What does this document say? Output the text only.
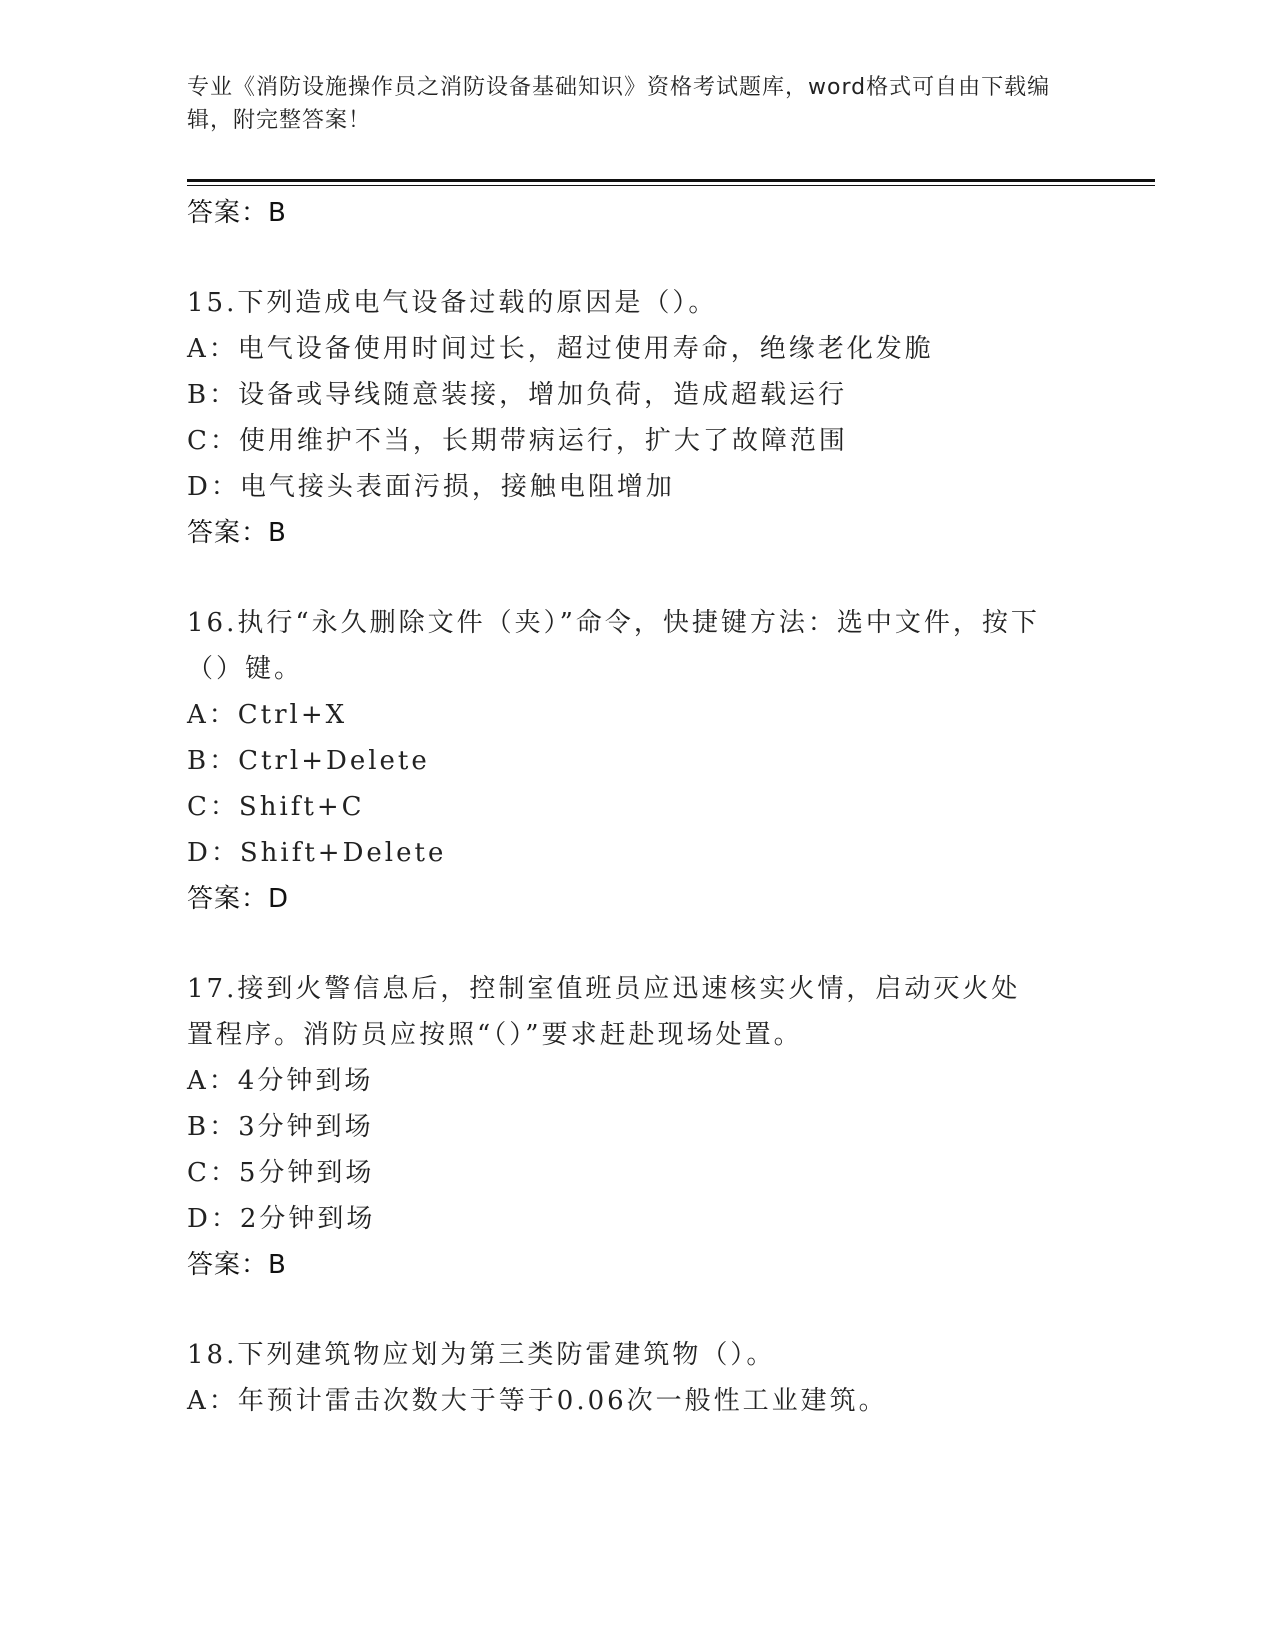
专业《消防设施操作员之消防设备基础知识》资格考试题库，word格式可自由下载编辑，附完整答案！
答案：B
15.下列造成电气设备过载的原因是（）。
A：电气设备使用时间过长，超过使用寿命，绝缘老化发脆
B：设备或导线随意装接，增加负荷，造成超载运行
C：使用维护不当，长期带病运行，扩大了故障范围
D：电气接头表面污损，接触电阻增加
答案：B
16.执行“永久删除文件（夹）”命令，快捷键方法：选中文件，按下（）键。
A：Ctrl+X
B：Ctrl+Delete
C：Shift+C
D：Shift+Delete
答案：D
17.接到火警信息后，控制室值班员应迅速核实火情，启动灭火处置程序。消防员应按照“（）”要求赶赴现场处置。
A：4分钟到场
B：3分钟到场
C：5分钟到场
D：2分钟到场
答案：B
18.下列建筑物应划为第三类防雷建筑物（）。
A：年预计雷击次数大于等于0.06次一般性工业建筑。
